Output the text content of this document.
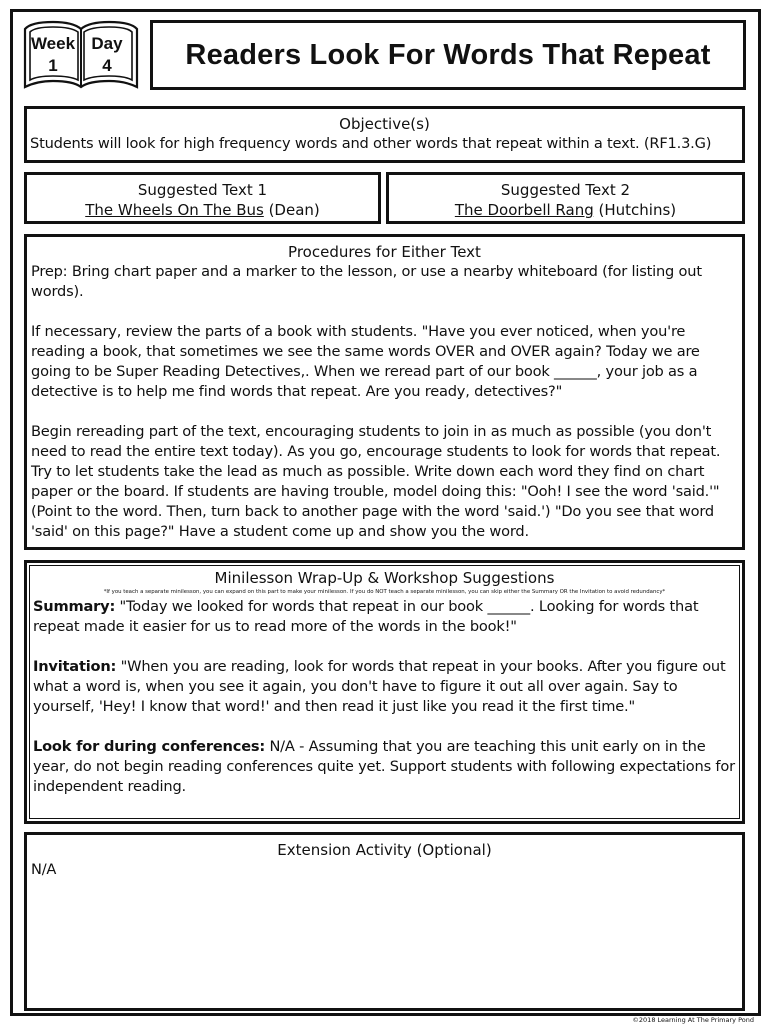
Week
1
Day
4	Readers Look For Words That Repeat
Objective(s)
Students will look for high frequency words and other words that repeat within a text. (RF1.3.G)
Suggested Text 1
The Wheels On The Bus (Dean)
Suggested Text 2
The Doorbell Rang (Hutchins)
Procedures for Either Text

Prep: Bring chart paper and a marker to the lesson, or use a nearby whiteboard (for listing out words).

If necessary, review the parts of a book with students. "Have you ever noticed, when you're reading a book, that sometimes we see the same words OVER and OVER again? Today we are going to be Super Reading Detectives,. When we reread part of our book ______, your job as a detective is to help me find words that repeat. Are you ready, detectives?"

Begin rereading part of the text, encouraging students to join in as much as possible (you don't need to read the entire text today). As you go, encourage students to look for words that repeat. Try to let students take the lead as much as possible. Write down each word they find on chart paper or the board. If students are having trouble, model doing this: "Ooh! I see the word 'said.'" (Point to the word. Then, turn back to another page with the word 'said.') "Do you see that word 'said' on this page?" Have a student come up and show you the word.

Minilesson Wrap-Up & Workshop Suggestions
*If you teach a separate minilesson, you can expand on this part to make your minilesson. If you do NOT teach a separate minilesson, you can skip either the Summary OR the Invitation to avoid redundancy*

Summary: "Today we looked for words that repeat in our book ______. Looking for words that repeat made it easier for us to read more of the words in the book!"

Invitation: "When you are reading, look for words that repeat in your books. After you figure out what a word is, when you see it again, you don't have to figure it out all over again. Say to yourself, 'Hey! I know that word!' and then read it just like you read it the first time."

Look for during conferences: N/A - Assuming that you are teaching this unit early on in the year, do not begin reading conferences quite yet. Support students with following expectations for independent reading.

Extension Activity (Optional)
N/A
©2018 Learning At The Primary Pond
